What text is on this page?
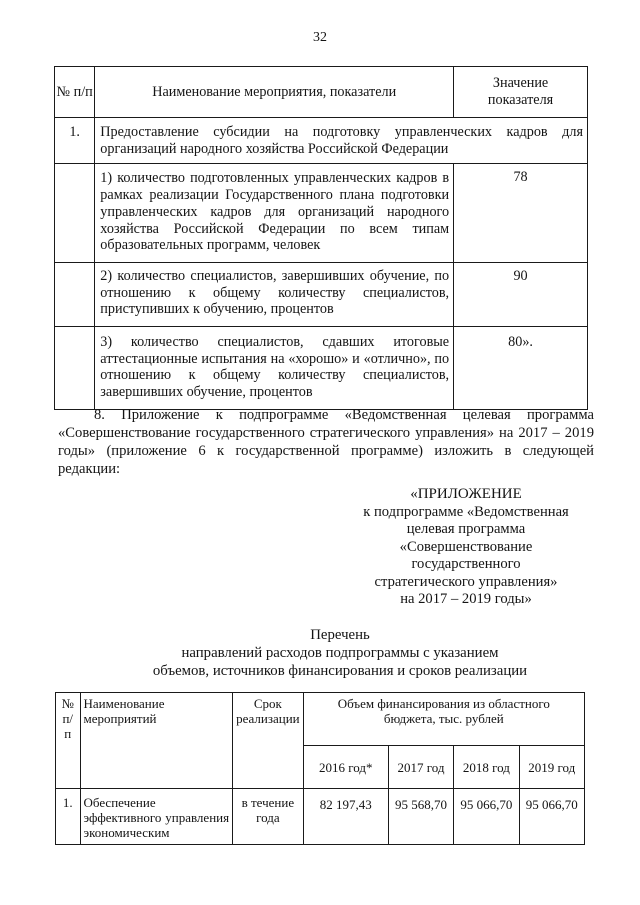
32
№ п/п	Наименование мероприятия, показатели	Значение показателя
1.	Предоставление субсидии на подготовку управленческих кадров для организаций народного хозяйства Российской Федерации	
	1) количество подготовленных управленческих кадров в рамках реализации Государственного плана подготовки управленческих кадров для организаций народного хозяйства Российской Федерации по всем типам образовательных программ, человек	78
	2) количество специалистов, завершивших обучение, по отношению к общему количеству специалистов, приступивших к обучению, процентов	90
	3) количество специалистов, сдавших итоговые аттестационные испытания на «хорошо» и «отлично», по отношению к общему количеству специалистов, завершивших обучение, процентов	80».
8. Приложение к подпрограмме «Ведомственная целевая программа «Совершенствование государственного стратегического управления» на 2017 – 2019 годы» (приложение 6 к государственной программе) изложить в следующей редакции:
«ПРИЛОЖЕНИЕ
к подпрограмме «Ведомственная
целевая программа
«Совершенствование
государственного
стратегического управления»
на 2017 – 2019 годы»
Перечень
направлений расходов подпрограммы с указанием
объемов, источников финансирования и сроков реализации
№ п/п	Наименование мероприятий	Срок реализации	Объем финансирования из областного бюджета, тыс. рублей			
			2016 год*	2017 год	2018 год	2019 год
1.	Обеспечение эффективного управления экономическим	в течение года	82 197,43	95 568,70	95 066,70	95 066,70
